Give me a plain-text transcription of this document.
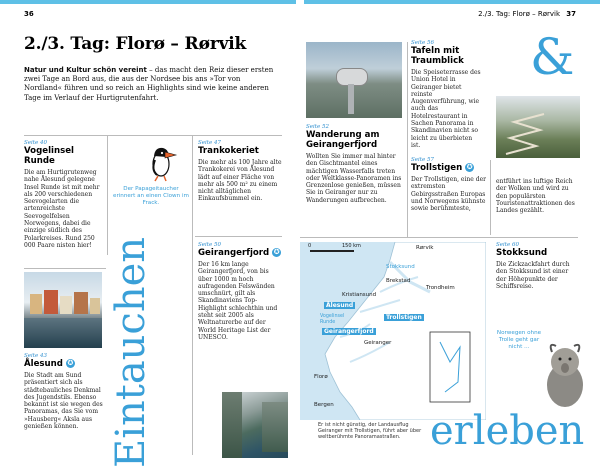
36	2./3. Tag: Florø – Rørvik 37
2./3. Tag: Florø – Rørvik
Natur und Kultur schön vereint – das macht den Reiz dieser ersten zwei Tage an Bord aus, die aus der Nordsee bis ans »Tor von Nordland« führen und so reich an Highlights sind wie keine anderen Tage im Verlauf der Hurtigrutenfahrt.
Seite 40
Vogelinsel Runde
Die am Hurtigrutenweg nahe Ålesund gelegene Insel Runde ist mit mehr als 200 verschiedenen Seevogelarten die artenreichste Seevogelfelsen Norwegens, dabei die einzige südlich des Polarkreises. Rund 250 000 Paare nisten hier!
Der Papageitaucher erinnert an einen Clown im Frack.
Seite 43
Ålesund ✪
Die Stadt am Sund präsentiert sich als städtebauliches Denkmal des Jugendstils. Ebenso bekannt ist sie wegen des Panoramas, das Sie vom »Hausberg« Aksla aus genießen können. Eintauchen
Seite 47
Trankokeriet
Die mehr als 100 Jahre alte Trankokerei von Ålesund lädt auf einer Fläche von mehr als 500 m² zu einem nicht alltäglichen Einkaufsbummel ein.
Seite 50
Geirangerfjord ✪
Der 16 km lange Geirangerfjord, von bis über 1000 m hoch aufragenden Felswänden umschnürt, gilt als Skandinaviens Top-Highlight schlechthin und steht seit 2005 als Weltnaturerbe auf der World Heritage List der UNESCO.
Seite 56
Tafeln mit Traumblick
Die Speiseterrasse des Union Hotel in Geiranger bietet reinste Augenverführung, wie auch das Hotelrestaurant in Sachen Panorama in Skandinavien nicht so leicht zu überbieten ist.
&
Seite 52
Wanderung am Geirangerfjord
Wollten Sie immer mal hinter den Gischtmantel eines mächtigen Wasserfalls treten oder Weltklasse-Panoramen ins Grenzenlose genießen, müssen Sie in Geiranger nur zu Wanderungen aufbrechen.
Seite 57
Trollstigen ✪
Der Trollstigen, eine der extremsten Gebirgsstraßen Europas und Norwegens kühnste sowie berühmteste,
entführt ins luftige Reich der Wolken und wird zu den populärsten Touristenattraktionen des Landes gezählt.
0	150 km	Rørvik
Stokksund
Brekstad
Trondheim
Kristiansund
Ålesund
Vogelinsel Runde
Trollstigen
Geirangerfjord
Geiranger
Florø
Bergen
Er ist nicht günstig, der Landausflug Geiranger mit Trollstigen, führt aber über weltberühmte Panoramastraßen.
Seite 60
Stokksund
Die Zickzackfahrt durch den Stokksund ist einer der Höhepunkte der Schiffsreise.
Norwegen ohne Trolle geht gar nicht …
erleben
